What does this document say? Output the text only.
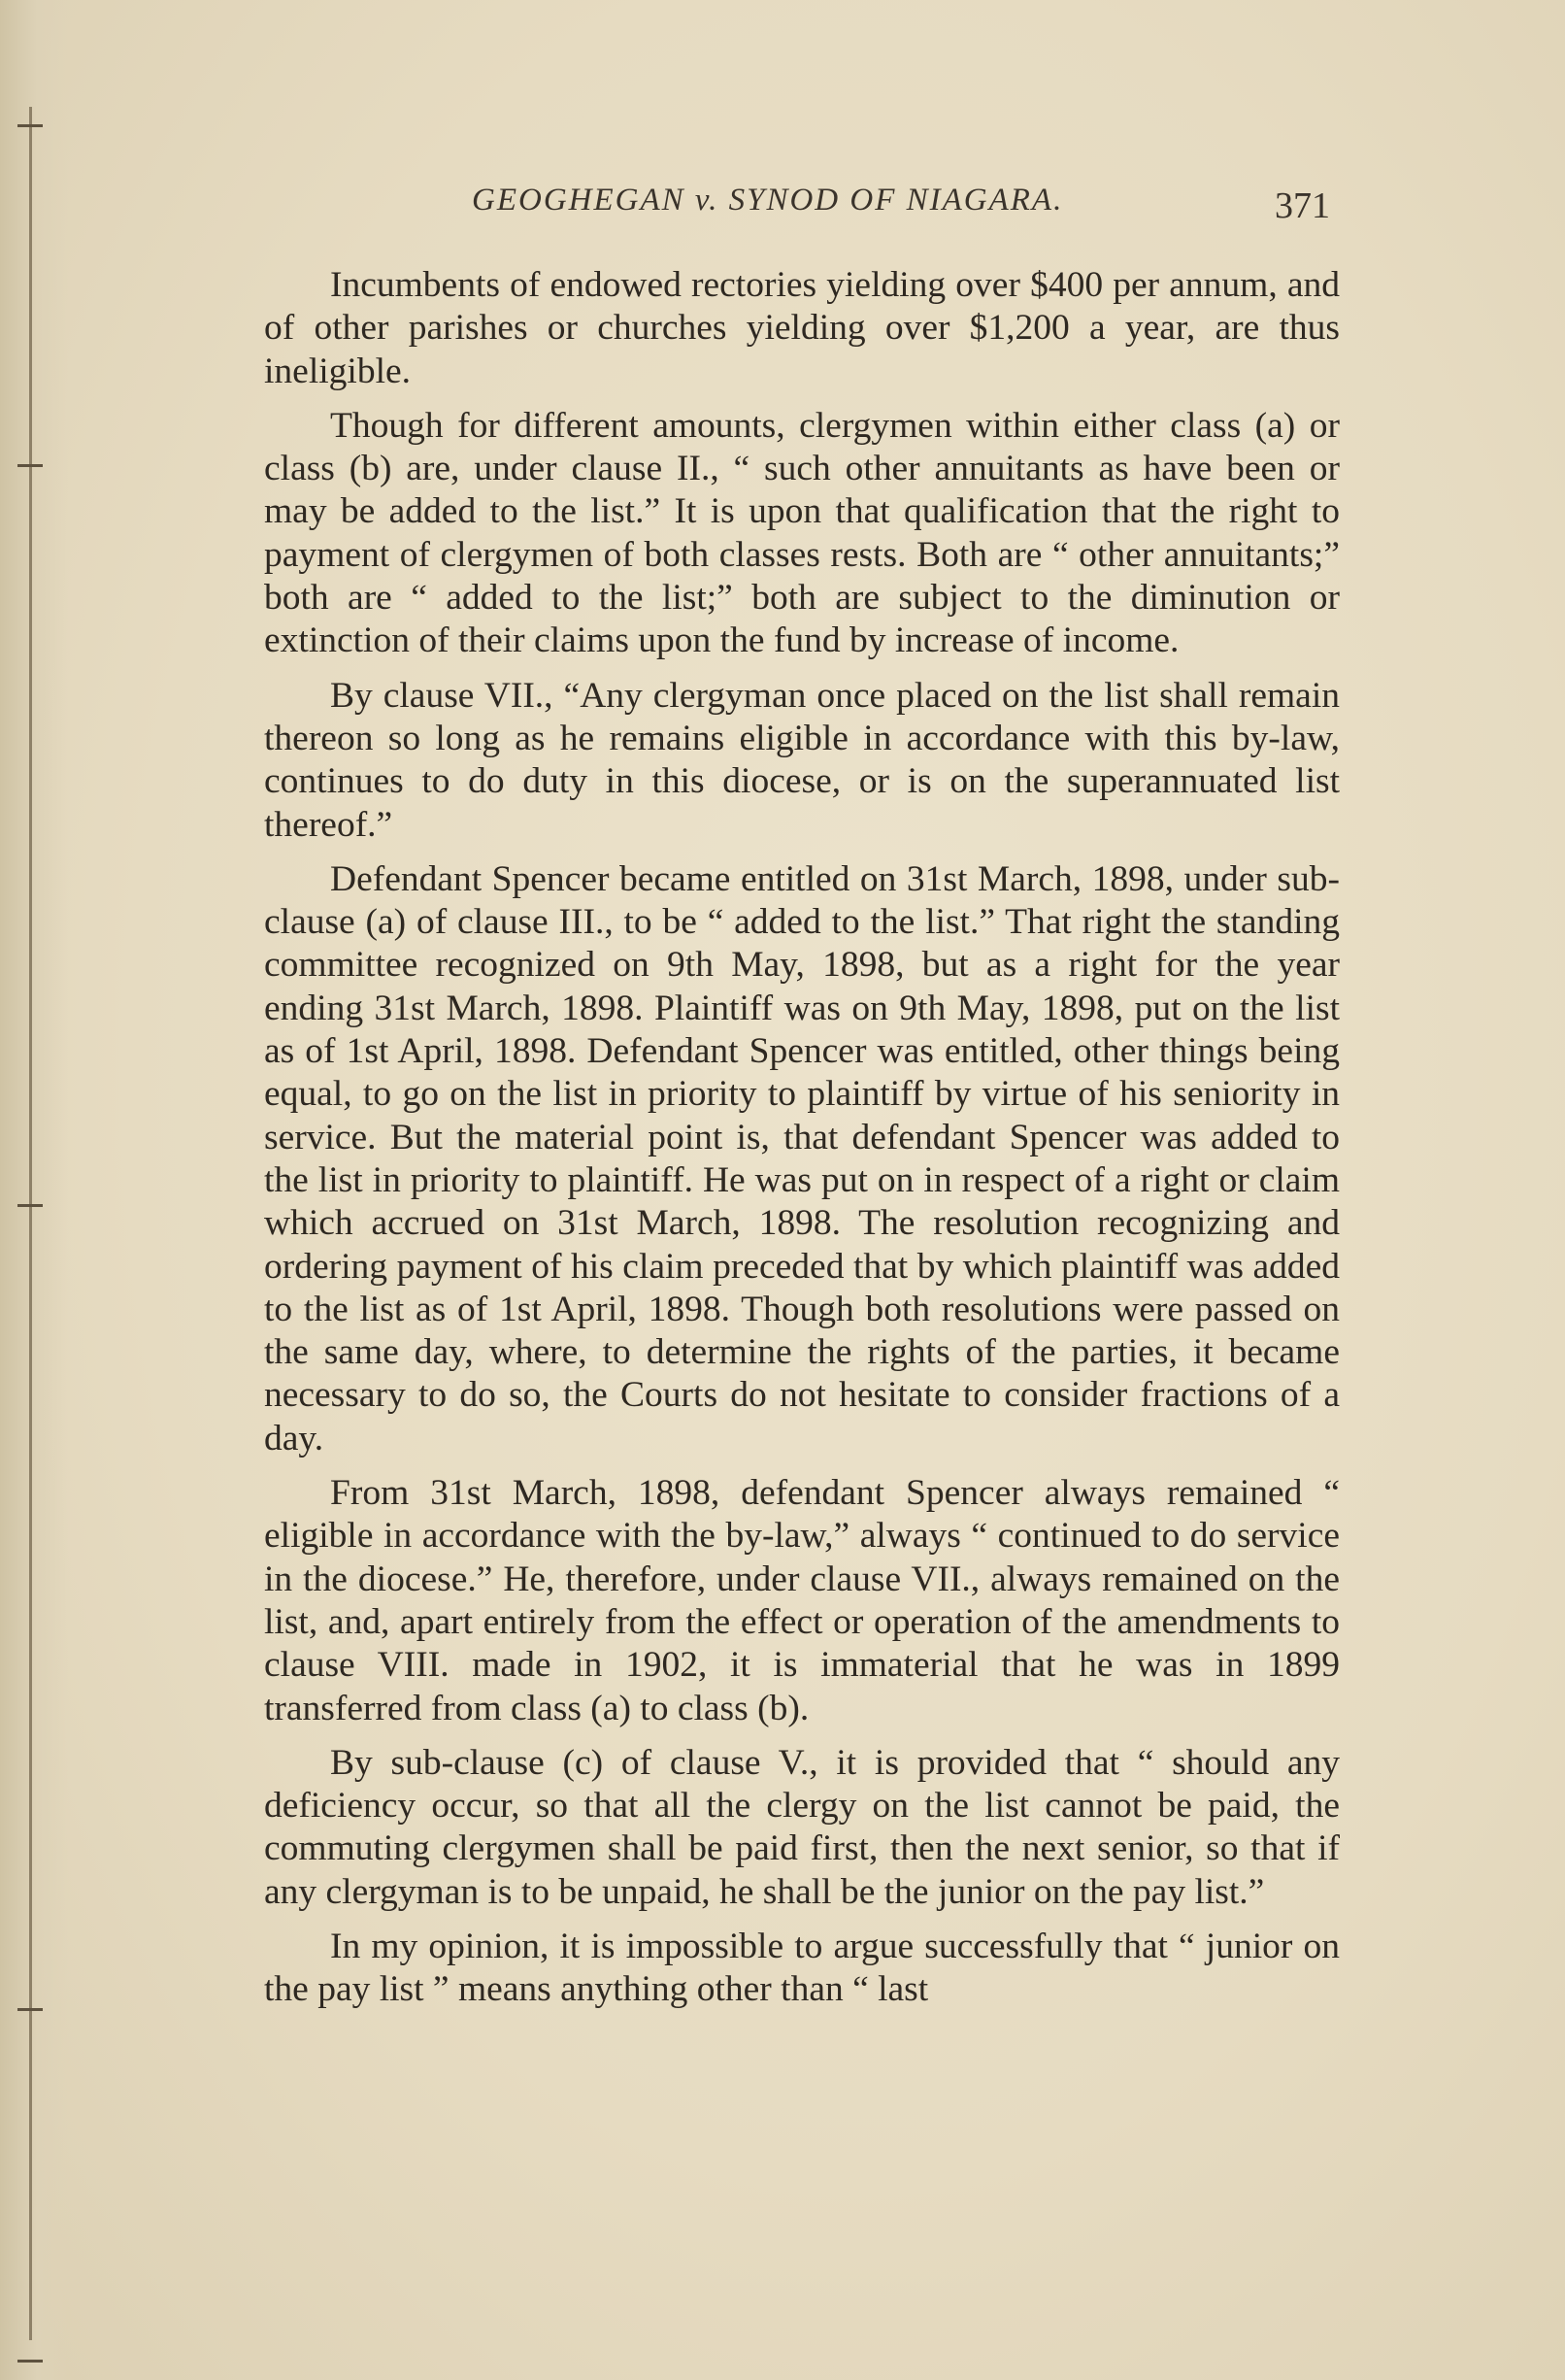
GEOGHEGAN v. SYNOD OF NIAGARA.	371

Incumbents of endowed rectories yielding over $400 per annum, and of other parishes or churches yielding over $1,200 a year, are thus ineligible.

Though for different amounts, clergymen within either class (a) or class (b) are, under clause II., “ such other annuitants as have been or may be added to the list.” It is upon that qualification that the right to payment of clergymen of both classes rests. Both are “ other annuitants;” both are “ added to the list;” both are subject to the diminution or extinction of their claims upon the fund by increase of income.

By clause VII., “Any clergyman once placed on the list shall remain thereon so long as he remains eligible in accordance with this by-law, continues to do duty in this diocese, or is on the superannuated list thereof.”

Defendant Spencer became entitled on 31st March, 1898, under sub-clause (a) of clause III., to be “ added to the list.” That right the standing committee recognized on 9th May, 1898, but as a right for the year ending 31st March, 1898. Plaintiff was on 9th May, 1898, put on the list as of 1st April, 1898. Defendant Spencer was entitled, other things being equal, to go on the list in priority to plaintiff by virtue of his seniority in service. But the material point is, that defendant Spencer was added to the list in priority to plaintiff. He was put on in respect of a right or claim which accrued on 31st March, 1898. The resolution recognizing and ordering payment of his claim preceded that by which plaintiff was added to the list as of 1st April, 1898. Though both resolutions were passed on the same day, where, to determine the rights of the parties, it became necessary to do so, the Courts do not hesitate to consider fractions of a day.

From 31st March, 1898, defendant Spencer always remained “ eligible in accordance with the by-law,” always “ continued to do service in the diocese.” He, therefore, under clause VII., always remained on the list, and, apart entirely from the effect or operation of the amendments to clause VIII. made in 1902, it is immaterial that he was in 1899 transferred from class (a) to class (b).

By sub-clause (c) of clause V., it is provided that “ should any deficiency occur, so that all the clergy on the list cannot be paid, the commuting clergymen shall be paid first, then the next senior, so that if any clergyman is to be unpaid, he shall be the junior on the pay list.”

In my opinion, it is impossible to argue successfully that “ junior on the pay list ” means anything other than “ last
